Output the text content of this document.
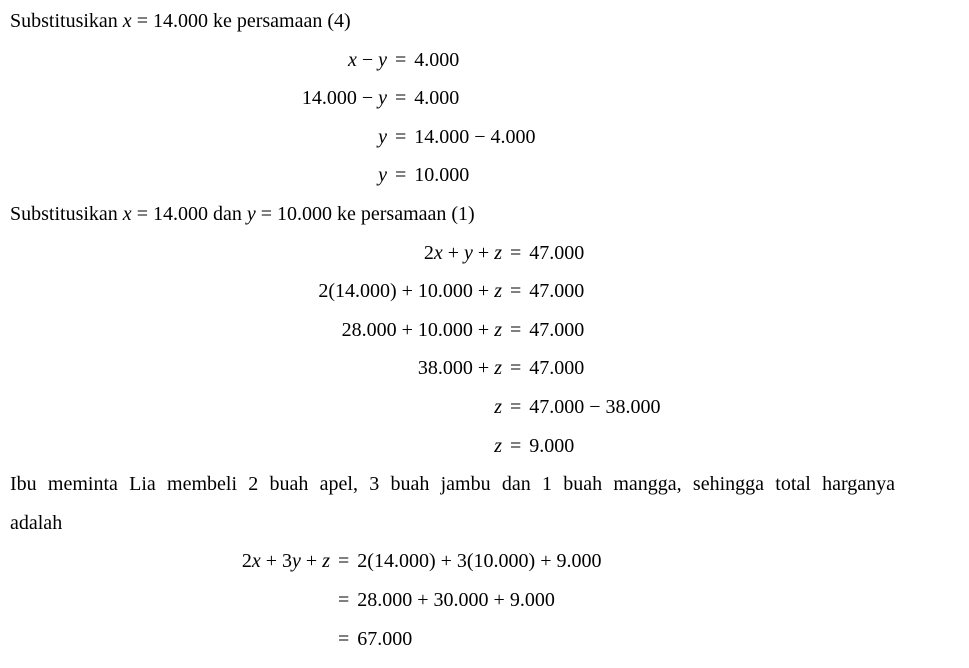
Substitusikan x = 14.000 ke persamaan (4)
x − y = 4.000
14.000 − y = 4.000
y = 14.000 − 4.000
y = 10.000
Substitusikan x = 14.000 dan y = 10.000 ke persamaan (1)
2x + y + z = 47.000
2(14.000) + 10.000 + z = 47.000
28.000 + 10.000 + z = 47.000
38.000 + z = 47.000
z = 47.000 − 38.000
z = 9.000
Ibu meminta Lia membeli 2 buah apel, 3 buah jambu dan 1 buah mangga, sehingga total harganya
adalah
2x + 3y + z = 2(14.000) + 3(10.000) + 9.000
= 28.000 + 30.000 + 9.000
= 67.000
